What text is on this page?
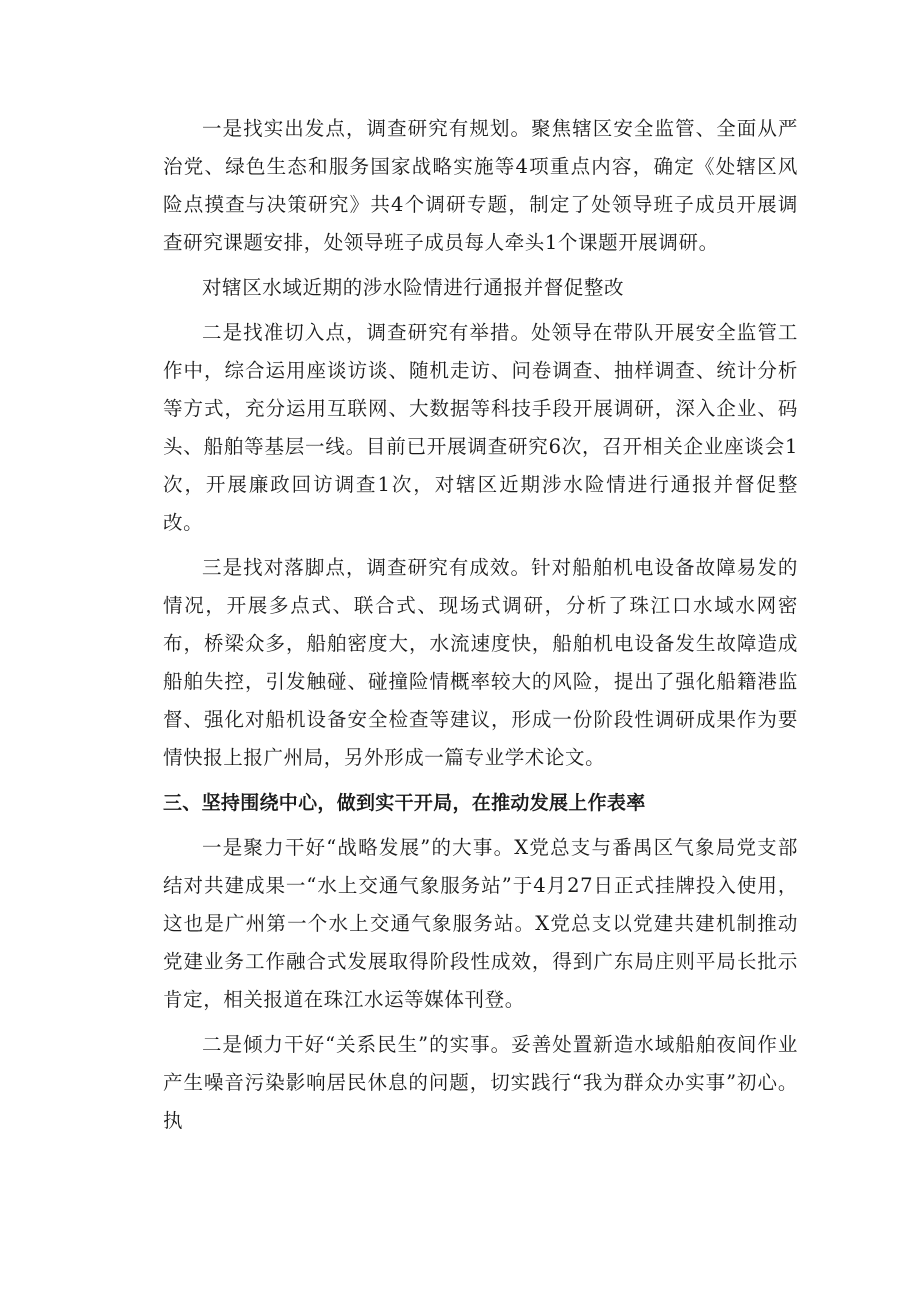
一是找实出发点，调查研究有规划。聚焦辖区安全监管、全面从严治党、绿色生态和服务国家战略实施等4项重点内容，确定《处辖区风险点摸查与决策研究》共4个调研专题，制定了处领导班子成员开展调查研究课题安排，处领导班子成员每人牵头1个课题开展调研。

对辖区水域近期的涉水险情进行通报并督促整改

二是找准切入点，调查研究有举措。处领导在带队开展安全监管工作中，综合运用座谈访谈、随机走访、问卷调查、抽样调查、统计分析等方式，充分运用互联网、大数据等科技手段开展调研，深入企业、码头、船舶等基层一线。目前已开展调查研究6次，召开相关企业座谈会1次，开展廉政回访调查1次，对辖区近期涉水险情进行通报并督促整改。

三是找对落脚点，调查研究有成效。针对船舶机电设备故障易发的情况，开展多点式、联合式、现场式调研，分析了珠江口水域水网密布，桥梁众多，船舶密度大，水流速度快，船舶机电设备发生故障造成船舶失控，引发触碰、碰撞险情概率较大的风险，提出了强化船籍港监督、强化对船机设备安全检查等建议，形成一份阶段性调研成果作为要情快报上报广州局，另外形成一篇专业学术论文。

三、坚持围绕中心，做到实干开局，在推动发展上作表率

一是聚力干好“战略发展”的大事。X党总支与番禺区气象局党支部结对共建成果一“水上交通气象服务站”于4月27日正式挂牌投入使用，这也是广州第一个水上交通气象服务站。X党总支以党建共建机制推动党建业务工作融合式发展取得阶段性成效，得到广东局庄则平局长批示肯定，相关报道在珠江水运等媒体刊登。

二是倾力干好“关系民生”的实事。妥善处置新造水域船舶夜间作业产生噪音污染影响居民休息的问题，切实践行“我为群众办实事”初心。执
